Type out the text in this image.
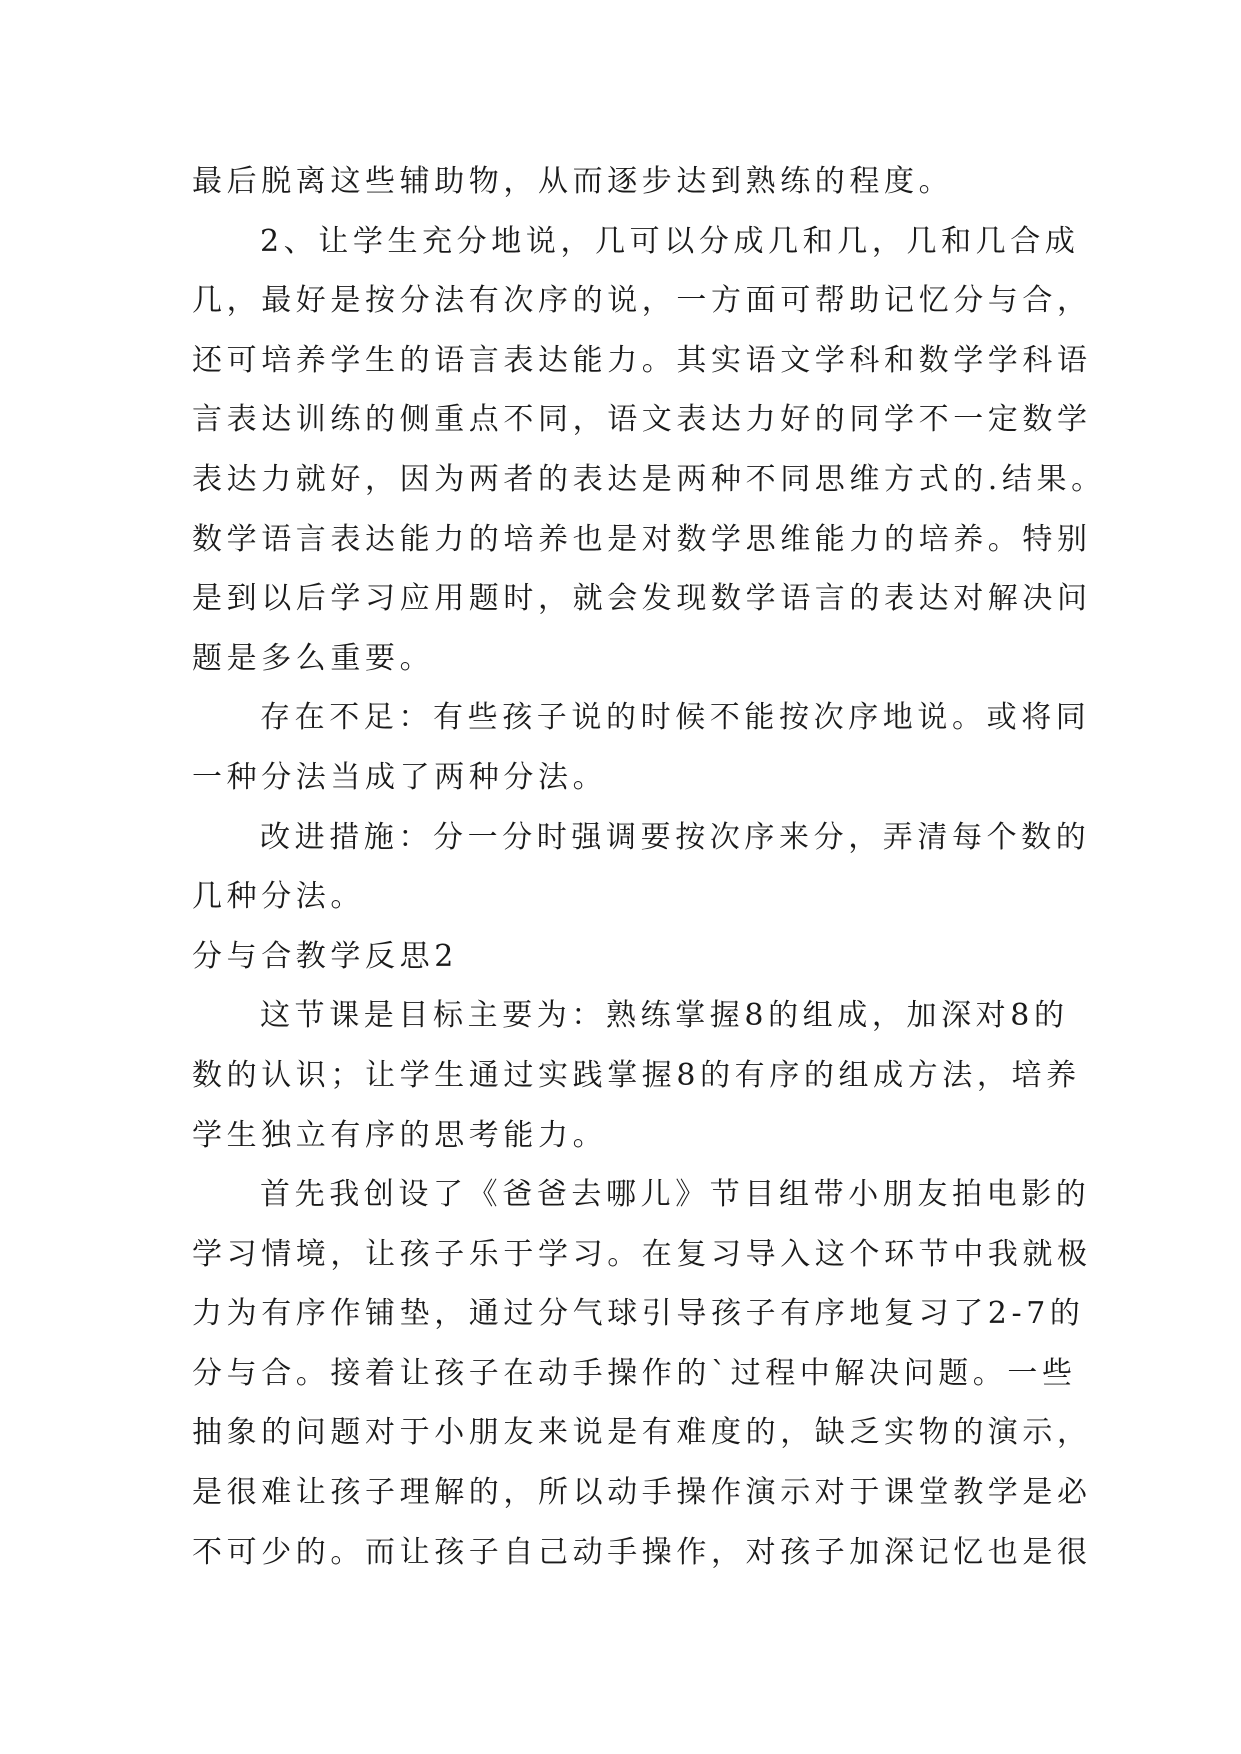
最后脱离这些辅助物，从而逐步达到熟练的程度。
2、让学生充分地说，几可以分成几和几，几和几合成
几，最好是按分法有次序的说，一方面可帮助记忆分与合，
还可培养学生的语言表达能力。其实语文学科和数学学科语
言表达训练的侧重点不同，语文表达力好的同学不一定数学
表达力就好，因为两者的表达是两种不同思维方式的.结果。
数学语言表达能力的培养也是对数学思维能力的培养。特别
是到以后学习应用题时，就会发现数学语言的表达对解决问
题是多么重要。
存在不足：有些孩子说的时候不能按次序地说。或将同
一种分法当成了两种分法。
改进措施：分一分时强调要按次序来分，弄清每个数的
几种分法。
分与合教学反思2
这节课是目标主要为：熟练掌握8的组成，加深对8的
数的认识；让学生通过实践掌握8的有序的组成方法，培养
学生独立有序的思考能力。
首先我创设了《爸爸去哪儿》节目组带小朋友拍电影的
学习情境，让孩子乐于学习。在复习导入这个环节中我就极
力为有序作铺垫，通过分气球引导孩子有序地复习了2-7的
分与合。接着让孩子在动手操作的`过程中解决问题。一些
抽象的问题对于小朋友来说是有难度的，缺乏实物的演示，
是很难让孩子理解的，所以动手操作演示对于课堂教学是必
不可少的。而让孩子自己动手操作，对孩子加深记忆也是很
